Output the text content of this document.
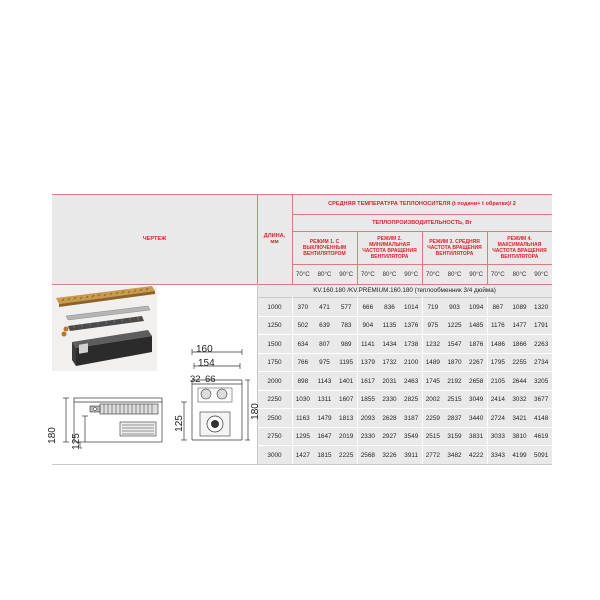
ЧЕРТЕЖ	ДЛИНА, мм
СРЕДНЯЯ ТЕМПЕРАТУРА ТЕПЛОНОСИТЕЛЯ (t подачи+ t обратки)/ 2
ТЕПЛОПРОИЗВОДИТЕЛЬНОСТЬ, Вт
РЕЖИМ 1. С ВЫКЛЮЧЕННЫМ ВЕНТИЛЯТОРОМ
РЕЖИМ 2. МИНИМАЛЬНАЯ ЧАСТОТА ВРАЩЕНИЯ ВЕНТИЛЯТОРА
РЕЖИМ 3. СРЕДНЯЯ ЧАСТОТА ВРАЩЕНИЯ ВЕНТИЛЯТОРА
РЕЖИМ 4. МАКСИМАЛЬНАЯ ЧАСТОТА ВРАЩЕНИЯ ВЕНТИЛЯТОРА
70°C	80°C	90°C	70°C	80°C	90°C	70°C	80°C	90°C	70°C	80°C	90°C
KV.160.180 /KV.PREMIUM.160.180 (теплообменник 3/4 дюйма)
1000	370	471	577	666	836	1014	719	903	1094	867	1089	1320
1250	502	639	783	904	1135	1376	975	1225	1485	1176	1477	1791
1500	634	807	989	1141	1434	1738	1232	1547	1876	1486	1866	2263
1750	766	975	1195	1379	1732	2100	1489	1870	2267	1795	2255	2734
2000	898	1143	1401	1617	2031	2463	1745	2192	2658	2105	2644	3205
2250	1030	1311	1607	1855	2330	2825	2002	2515	3049	2414	3032	3677
2500	1163	1479	1813	2093	2628	3187	2259	2837	3440	2724	3421	4148
2750	1295	1647	2019	2330	2927	3549	2515	3159	3831	3033	3810	4619
3000	1427	1815	2225	2568	3226	3911	2772	3482	4222	3343	4199	5091
180 125
160
154
32 66
180
125
